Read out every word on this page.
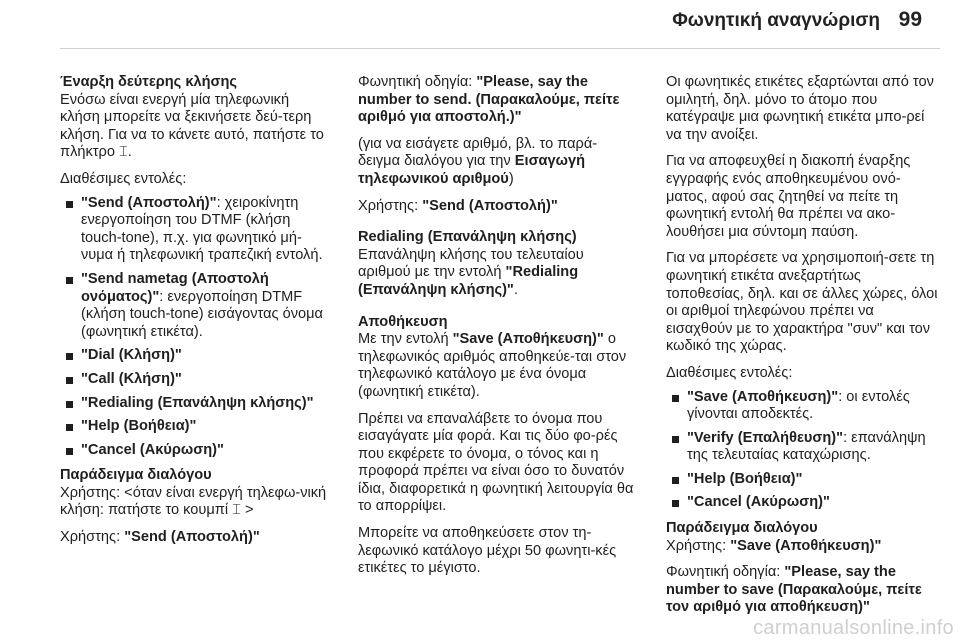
Φωνητική αναγνώριση 99
Έναρξη δεύτερης κλήσης

Ενόσω είναι ενεργή μία τηλεφωνική κλήση μπορείτε να ξεκινήσετε δεύ-τερη κλήση. Για να το κάνετε αυτό, πατήστε το πλήκτρο ⌶.

Διαθέσιμες εντολές:

"Send (Αποστολή)": χειροκίνητη ενεργοποίηση του DTMF (κλήση touch-tone), π.χ. για φωνητικό μή-νυμα ή τηλεφωνική τραπεζική εντολή.
"Send nametag (Αποστολή ονόματος)": ενεργοποίηση DTMF (κλήση touch-tone) εισάγοντας όνομα (φωνητική ετικέτα).
"Dial (Κλήση)"
"Call (Κλήση)"
"Redialing (Επανάληψη κλήσης)"
"Help (Βοήθεια)"
"Cancel (Ακύρωση)"
Παράδειγμα διαλόγου

Χρήστης: <όταν είναι ενεργή τηλεφω-νική κλήση: πατήστε το κουμπί ⌶ >

Χρήστης: "Send (Αποστολή)"

Φωνητική οδηγία: "Please, say the number to send. (Παρακαλούμε, πείτε αριθμό για αποστολή.)"

(για να εισάγετε αριθμό, βλ. το παρά-δειγμα διαλόγου για την Εισαγωγή τηλεφωνικού αριθμού)

Χρήστης: "Send (Αποστολή)"

Redialing (Επανάληψη κλήσης)

Επανάληψη κλήσης του τελευταίου αριθμού με την εντολή "Redialing (Επανάληψη κλήσης)".

Αποθήκευση

Με την εντολή "Save (Αποθήκευση)" ο τηλεφωνικός αριθμός αποθηκεύε-ται στον τηλεφωνικό κατάλογο με ένα όνομα (φωνητική ετικέτα).

Πρέπει να επαναλάβετε το όνομα που εισαγάγατε μία φορά. Και τις δύο φο-ρές που εκφέρετε το όνομα, ο τόνος και η προφορά πρέπει να είναι όσο το δυνατόν ίδια, διαφορετικά η φωνητική λειτουργία θα το απορρίψει.

Μπορείτε να αποθηκεύσετε στον τη-λεφωνικό κατάλογο μέχρι 50 φωνητι-κές ετικέτες το μέγιστο.

Οι φωνητικές ετικέτες εξαρτώνται από τον ομιλητή, δηλ. μόνο το άτομο που κατέγραψε μια φωνητική ετικέτα μπο-ρεί να την ανοίξει.

Για να αποφευχθεί η διακοπή έναρξης εγγραφής ενός αποθηκευμένου ονό-ματος, αφού σας ζητηθεί να πείτε τη φωνητική εντολή θα πρέπει να ακο-λουθήσει μια σύντομη παύση.

Για να μπορέσετε να χρησιμοποιή-σετε τη φωνητική ετικέτα ανεξαρτήτως τοποθεσίας, δηλ. και σε άλλες χώρες, όλοι οι αριθμοί τηλεφώνου πρέπει να εισαχθούν με το χαρακτήρα "συν" και τον κωδικό της χώρας.

Διαθέσιμες εντολές:

"Save (Αποθήκευση)": οι εντολές γίνονται αποδεκτές.
"Verify (Επαλήθευση)": επανάληψη της τελευταίας καταχώρισης.
"Help (Βοήθεια)"
"Cancel (Ακύρωση)"
Παράδειγμα διαλόγου

Χρήστης: "Save (Αποθήκευση)"

Φωνητική οδηγία: "Please, say the number to save (Παρακαλούμε, πείτε τον αριθμό για αποθήκευση)"

carmanualsonline.info
